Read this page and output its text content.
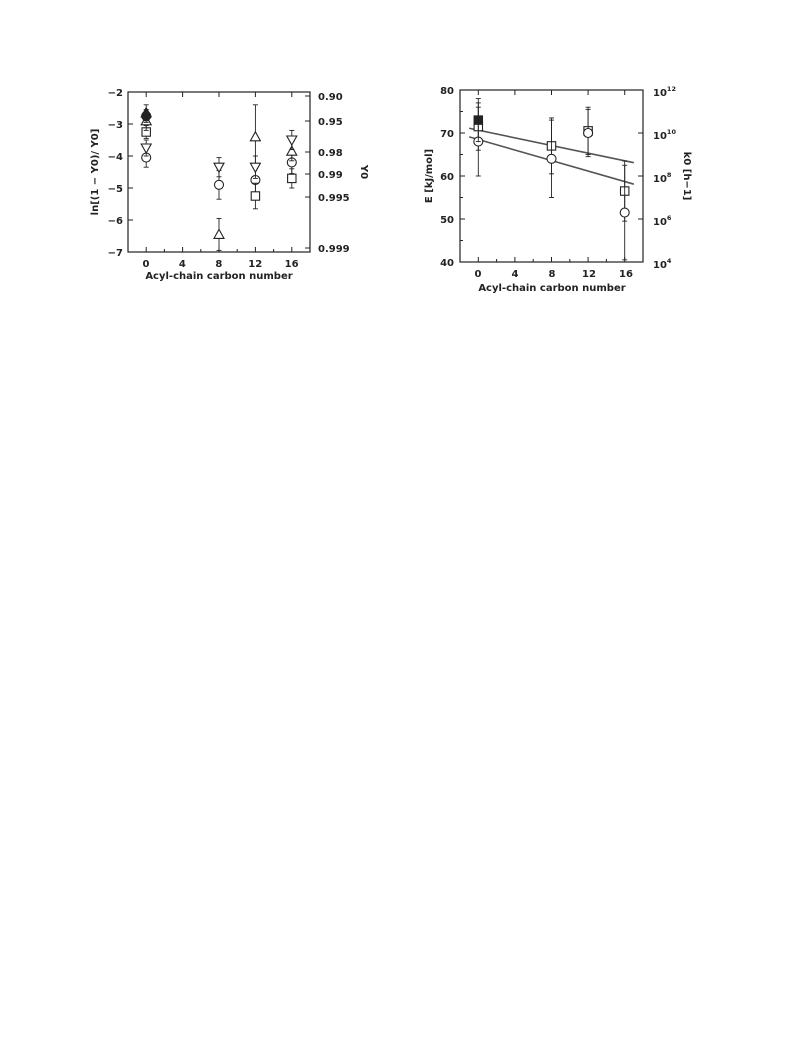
0	4	8	12 16
−2
−3
−4
−5
−6
−7
0.90
0.95
0.98
0.99
0.995
0.999
Acyl-chain carbon number
ln[(1 − Y0)/ Y0]	Y0
0	4	8	12 16
80
70
60
50
40
$10^{12}$
$10^{10}$
$10^8$
$10^6$
$10^4$
Acyl-chain carbon number
E [kJ/mol]	k0 [h−1]
